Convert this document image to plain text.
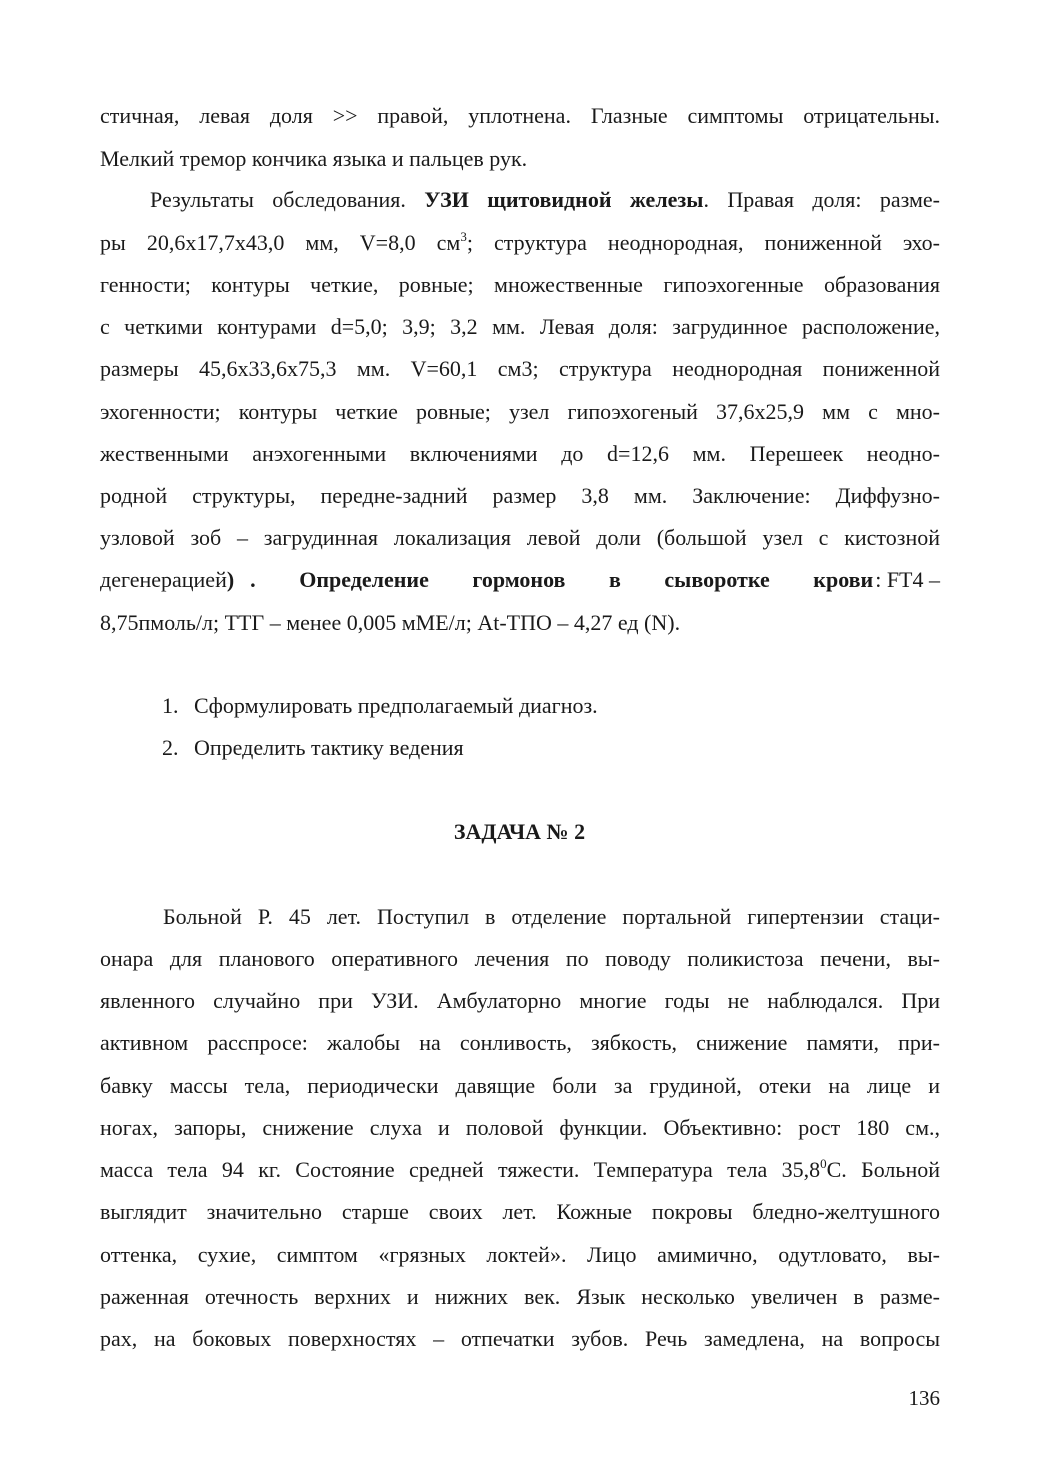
стичная, левая доля >> правой, уплотнена. Глазные симптомы отрицательны.
Мелкий тремор кончика языка и пальцев рук.
Результаты обследования. УЗИ щитовидной железы. Правая доля: разме-
ры 20,6х17,7х43,0 мм, V=8,0 $см^3$; структура неоднородная, пониженной эхо-
генности; контуры четкие, ровные; множественные гипоэхогенные образования
с четкими контурами d=5,0; 3,9; 3,2 мм. Левая доля: загрудинное расположение,
размеры 45,6х33,6х75,3 мм. V=60,1 см3; структура неоднородная пониженной
эхогенности; контуры четкие ровные; узел гипоэхогеный 37,6х25,9 мм с мно-
жественными анэхогенными включениями до d=12,6 мм. Перешеек неодно-
родной структуры, передне-задний размер 3,8 мм. Заключение: Диффузно-
узловой зоб – загрудинная локализация левой доли (большой узел с кистозной
дегенерацией) . Определение гормонов в сыворотке крови : FT4 –
8,75пмоль/л; ТТГ – менее 0,005 мМЕ/л; At-ТПО – 4,27 ед (N).
1. Сформулировать предполагаемый диагноз.
2. Определить тактику ведения
ЗАДАЧА № 2
Больной Р. 45 лет. Поступил в отделение портальной гипертензии стаци-
онара для планового оперативного лечения по поводу поликистоза печени, вы-
явленного случайно при УЗИ. Амбулаторно многие годы не наблюдался. При
активном расспросе: жалобы на сонливость, зябкость, снижение памяти, при-
бавку массы тела, периодически давящие боли за грудиной, отеки на лице и
ногах, запоры, снижение слуха и половой функции. Объективно: рост 180 см.,
масса тела 94 кг. Состояние средней тяжести. Температура тела 35,8$^0$С. Больной
выглядит значительно старше своих лет. Кожные покровы бледно-желтушного
оттенка, сухие, симптом «грязных локтей». Лицо амимично, одутловато, вы-
раженная отечность верхних и нижних век. Язык несколько увеличен в разме-
рах, на боковых поверхностях – отпечатки зубов. Речь замедлена, на вопросы
136
